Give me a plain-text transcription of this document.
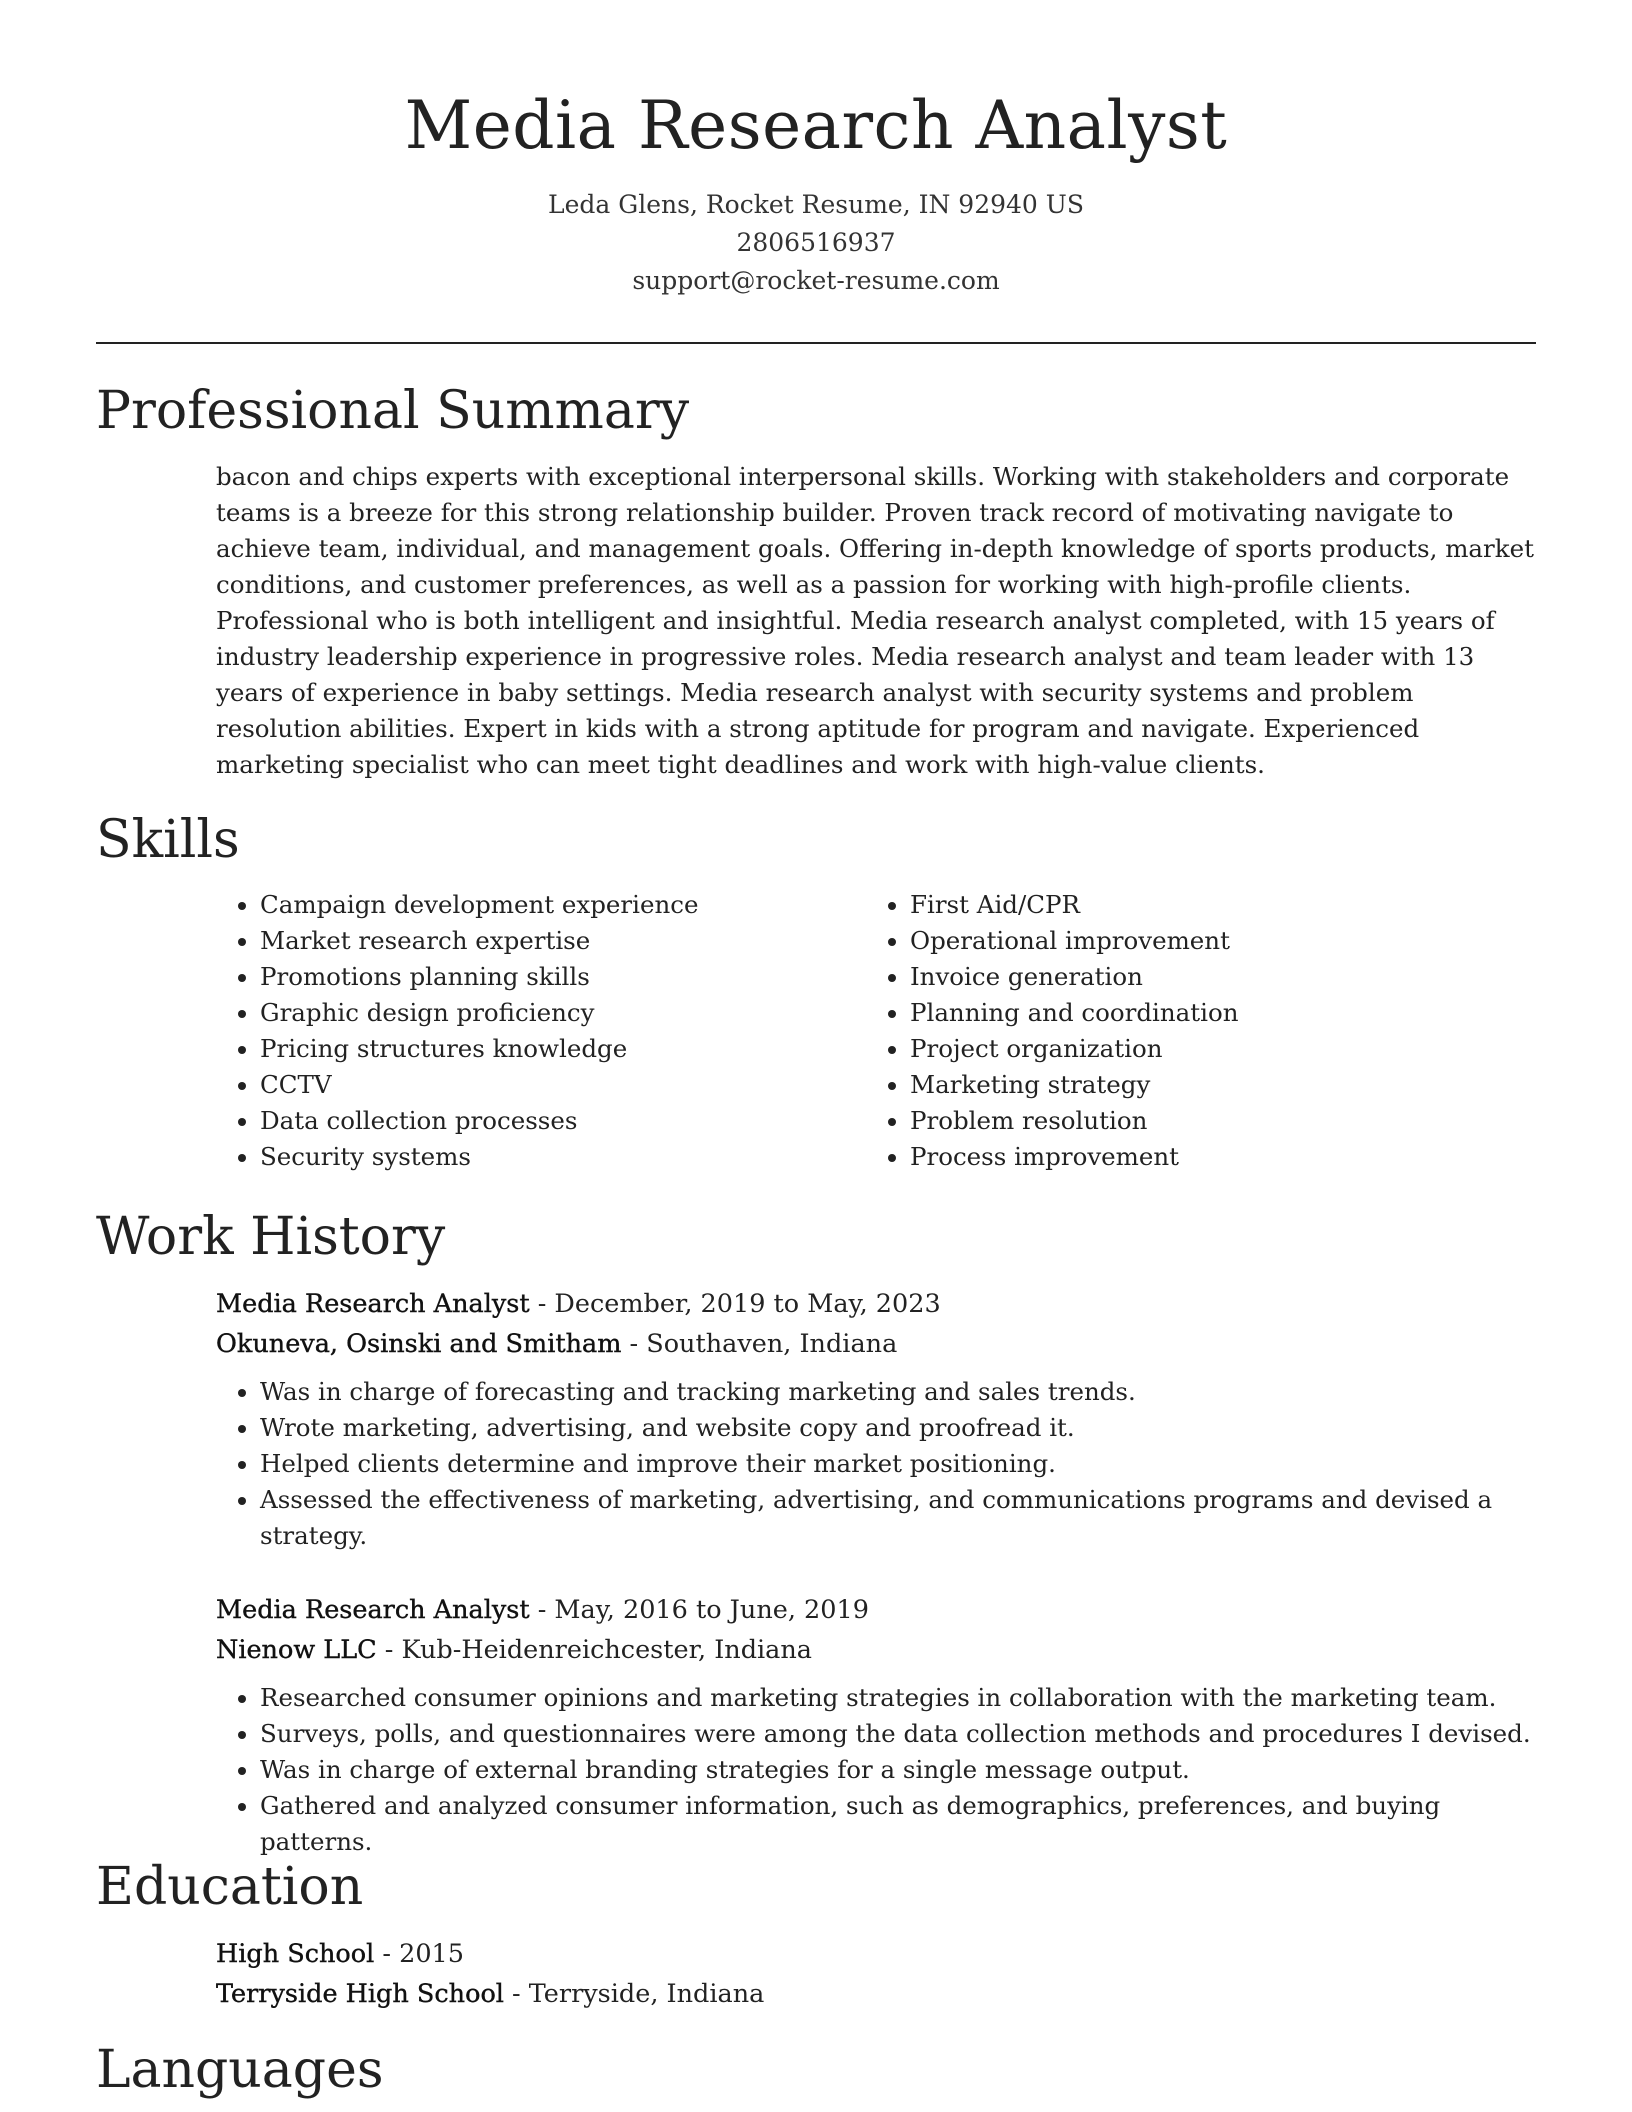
Media Research Analyst
Leda Glens, Rocket Resume, IN 92940 US
2806516937
support@rocket-resume.com
Professional Summary

bacon and chips experts with exceptional interpersonal skills. Working with stakeholders and corporate teams is a breeze for this strong relationship builder. Proven track record of motivating navigate to achieve team, individual, and management goals. Offering in-depth knowledge of sports products, market conditions, and customer preferences, as well as a passion for working with high-profile clients. Professional who is both intelligent and insightful. Media research analyst completed, with 15 years of industry leadership experience in progressive roles. Media research analyst and team leader with 13 years of experience in baby settings. Media research analyst with security systems and problem resolution abilities. Expert in kids with a strong aptitude for program and navigate. Experienced marketing specialist who can meet tight deadlines and work with high-value clients.

Skills
• Campaign development experience
• Market research expertise
• Promotions planning skills
• Graphic design proficiency
• Pricing structures knowledge
• CCTV
• Data collection processes
• Security systems
• First Aid/CPR
• Operational improvement
• Invoice generation
• Planning and coordination
• Project organization
• Marketing strategy
• Problem resolution
• Process improvement
Work History

Media Research Analyst - December, 2019 to May, 2023

Okuneva, Osinski and Smitham - Southaven, Indiana

• Was in charge of forecasting and tracking marketing and sales trends.
• Wrote marketing, advertising, and website copy and proofread it.
• Helped clients determine and improve their market positioning.
• Assessed the effectiveness of marketing, advertising, and communications programs and devised a strategy.

Media Research Analyst - May, 2016 to June, 2019

Nienow LLC - Kub-Heidenreichcester, Indiana

• Researched consumer opinions and marketing strategies in collaboration with the marketing team.
• Surveys, polls, and questionnaires were among the data collection methods and procedures I devised.
• Was in charge of external branding strategies for a single message output.
• Gathered and analyzed consumer information, such as demographics, preferences, and buying patterns.
Education

High School - 2015

Terryside High School - Terryside, Indiana

Languages
